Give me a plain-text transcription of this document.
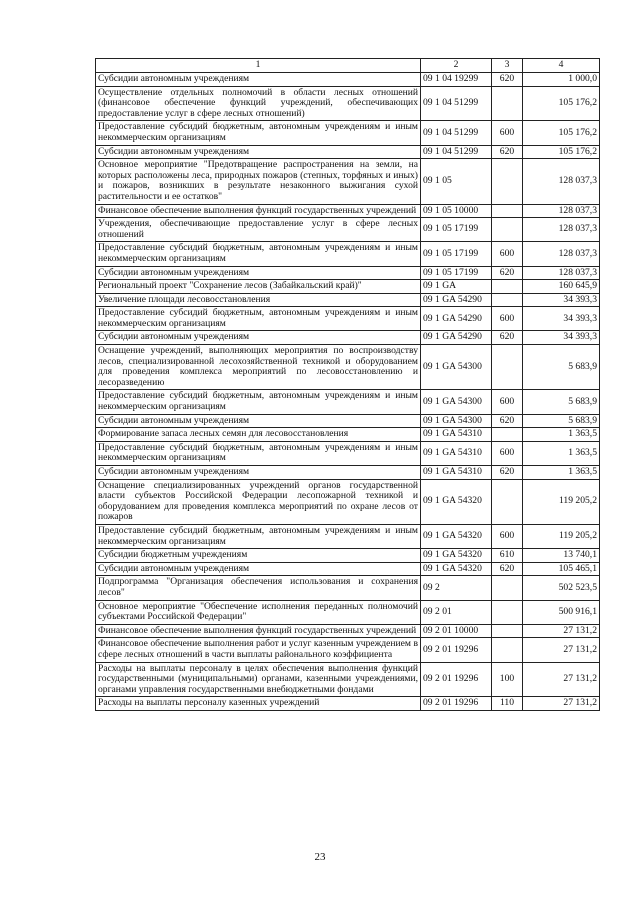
1	2	3	4
Субсидии автономным учреждениям	09 1 04 19299	620	1 000,0
Осуществление отдельных полномочий в области лесных отношений (финансовое обеспечение функций учреждений, обеспечивающих предоставление услуг в сфере лесных отношений)	09 1 04 51299		105 176,2
Предоставление субсидий бюджетным, автономным учреждениям и иным некоммерческим организациям	09 1 04 51299	600	105 176,2
Субсидии автономным учреждениям	09 1 04 51299	620	105 176,2
Основное мероприятие "Предотвращение распространения на земли, на которых расположены леса, природных пожаров (степных, торфяных и иных) и пожаров, возникших в результате незаконного выжигания сухой растительности и ее остатков"	09 1 05		128 037,3
Финансовое обеспечение выполнения функций государственных учреждений	09 1 05 10000		128 037,3
Учреждения, обеспечивающие предоставление услуг в сфере лесных отношений	09 1 05 17199		128 037,3
Предоставление субсидий бюджетным, автономным учреждениям и иным некоммерческим организациям	09 1 05 17199	600	128 037,3
Субсидии автономным учреждениям	09 1 05 17199	620	128 037,3
Региональный проект "Сохранение лесов (Забайкальский край)"	09 1 GA		160 645,9
Увеличение площади лесовосстановления	09 1 GA 54290		34 393,3
Предоставление субсидий бюджетным, автономным учреждениям и иным некоммерческим организациям	09 1 GA 54290	600	34 393,3
Субсидии автономным учреждениям	09 1 GA 54290	620	34 393,3
Оснащение учреждений, выполняющих мероприятия по воспроизводству лесов, специализированной лесохозяйственной техникой и оборудованием для проведения комплекса мероприятий по лесовосстановлению и лесоразведению	09 1 GA 54300		5 683,9
Предоставление субсидий бюджетным, автономным учреждениям и иным некоммерческим организациям	09 1 GA 54300	600	5 683,9
Субсидии автономным учреждениям	09 1 GA 54300	620	5 683,9
Формирование запаса лесных семян для лесовосстановления	09 1 GA 54310		1 363,5
Предоставление субсидий бюджетным, автономным учреждениям и иным некоммерческим организациям	09 1 GA 54310	600	1 363,5
Субсидии автономным учреждениям	09 1 GA 54310	620	1 363,5
Оснащение специализированных учреждений органов государственной власти субъектов Российской Федерации лесопожарной техникой и оборудованием для проведения комплекса мероприятий по охране лесов от пожаров	09 1 GA 54320		119 205,2
Предоставление субсидий бюджетным, автономным учреждениям и иным некоммерческим организациям	09 1 GA 54320	600	119 205,2
Субсидии бюджетным учреждениям	09 1 GA 54320	610	13 740,1
Субсидии автономным учреждениям	09 1 GA 54320	620	105 465,1
Подпрограмма "Организация обеспечения использования и сохранения лесов"	09 2		502 523,5
Основное мероприятие "Обеспечение исполнения переданных полномочий субъектами Российской Федерации"	09 2 01		500 916,1
Финансовое обеспечение выполнения функций государственных учреждений	09 2 01 10000		27 131,2
Финансовое обеспечение выполнения работ и услуг казенным учреждением в сфере лесных отношений в части выплаты районального коэффициента	09 2 01 19296		27 131,2
Расходы на выплаты персоналу в целях обеспечения выполнения функций государственными (муниципальными) органами, казенными учреждениями, органами управления государственными внебюджетными фондами	09 2 01 19296	100	27 131,2
Расходы на выплаты персоналу казенных учреждений	09 2 01 19296	110	27 131,2
23
